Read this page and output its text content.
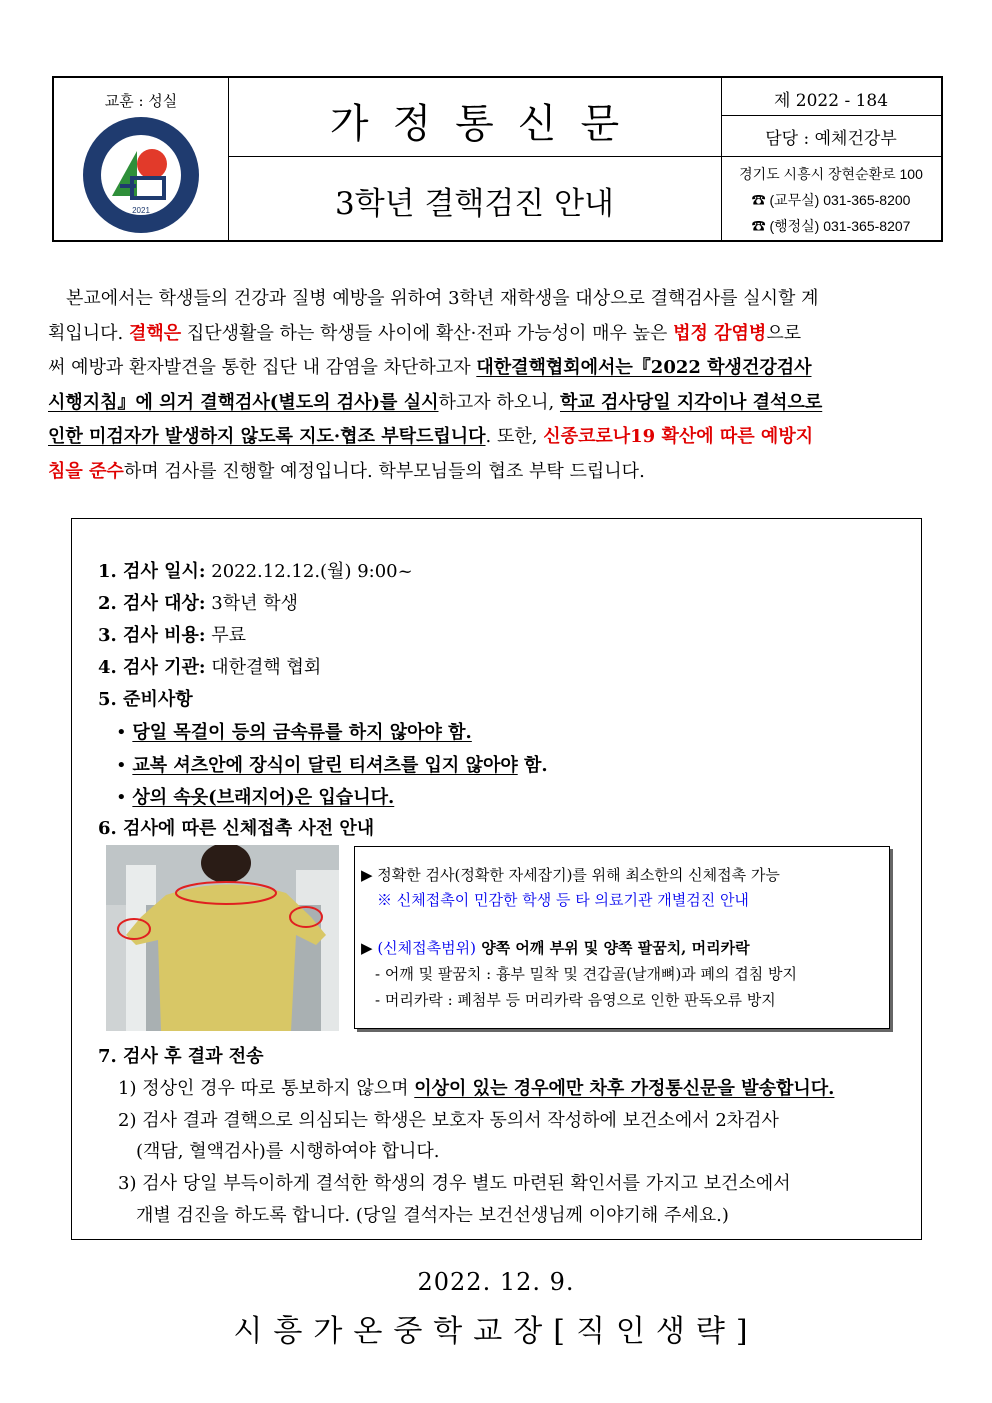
교훈 : 성실
2021
가정통신문
3학년 결핵검진 안내
제 2022 - 184
담당 : 예체건강부
경기도 시흥시 장현순환로 100
☎ (교무실) 031-365-8200
☎ (행정실) 031-365-8207
본교에서는 학생들의 건강과 질병 예방을 위하여 3학년 재학생을 대상으로 결핵검사를 실시할 계
획입니다. 결핵은 집단생활을 하는 학생들 사이에 확산·전파 가능성이 매우 높은 법정 감염병으로
써 예방과 환자발견을 통한 집단 내 감염을 차단하고자 대한결핵협회에서는『2022 학생건강검사
시행지침』에 의거 결핵검사(별도의 검사)를 실시하고자 하오니, 학교 검사당일 지각이나 결석으로
인한 미검자가 발생하지 않도록 지도·협조 부탁드립니다. 또한, 신종코로나19 확산에 따른 예방지
침을 준수하며 검사를 진행할 예정입니다. 학부모님들의 협조 부탁 드립니다.
1. 검사 일시: 2022.12.12.(월) 9:00~
2. 검사 대상: 3학년 학생
3. 검사 비용: 무료
4. 검사 기관: 대한결핵 협회
5. 준비사항
• 당일 목걸이 등의 금속류를 하지 않아야 함.
• 교복 셔츠안에 장식이 달린 티셔츠를 입지 않아야 함.
• 상의 속옷(브래지어)은 입습니다.
6. 검사에 따른 신체접촉 사전 안내
▶ 정확한 검사(정확한 자세잡기)를 위해 최소한의 신체접촉 가능
※ 신체접촉이 민감한 학생 등 타 의료기관 개별검진 안내
▶ (신체접촉범위) 양쪽 어깨 부위 및 양쪽 팔꿈치, 머리카락
- 어깨 및 팔꿈치 : 흉부 밀착 및 견갑골(날개뼈)과 폐의 겹침 방지
- 머리카락 : 폐첨부 등 머리카락 음영으로 인한 판독오류 방지
7. 검사 후 결과 전송
1) 정상인 경우 따로 통보하지 않으며 이상이 있는 경우에만 차후 가정통신문을 발송합니다.
2) 검사 결과 결핵으로 의심되는 학생은 보호자 동의서 작성하에 보건소에서 2차검사
(객담, 혈액검사)를 시행하여야 합니다.
3) 검사 당일 부득이하게 결석한 학생의 경우 별도 마련된 확인서를 가지고 보건소에서
개별 검진을 하도록 합니다. (당일 결석자는 보건선생님께 이야기해 주세요.)
2022. 12. 9.
시흥가온중학교장[직인생략]
